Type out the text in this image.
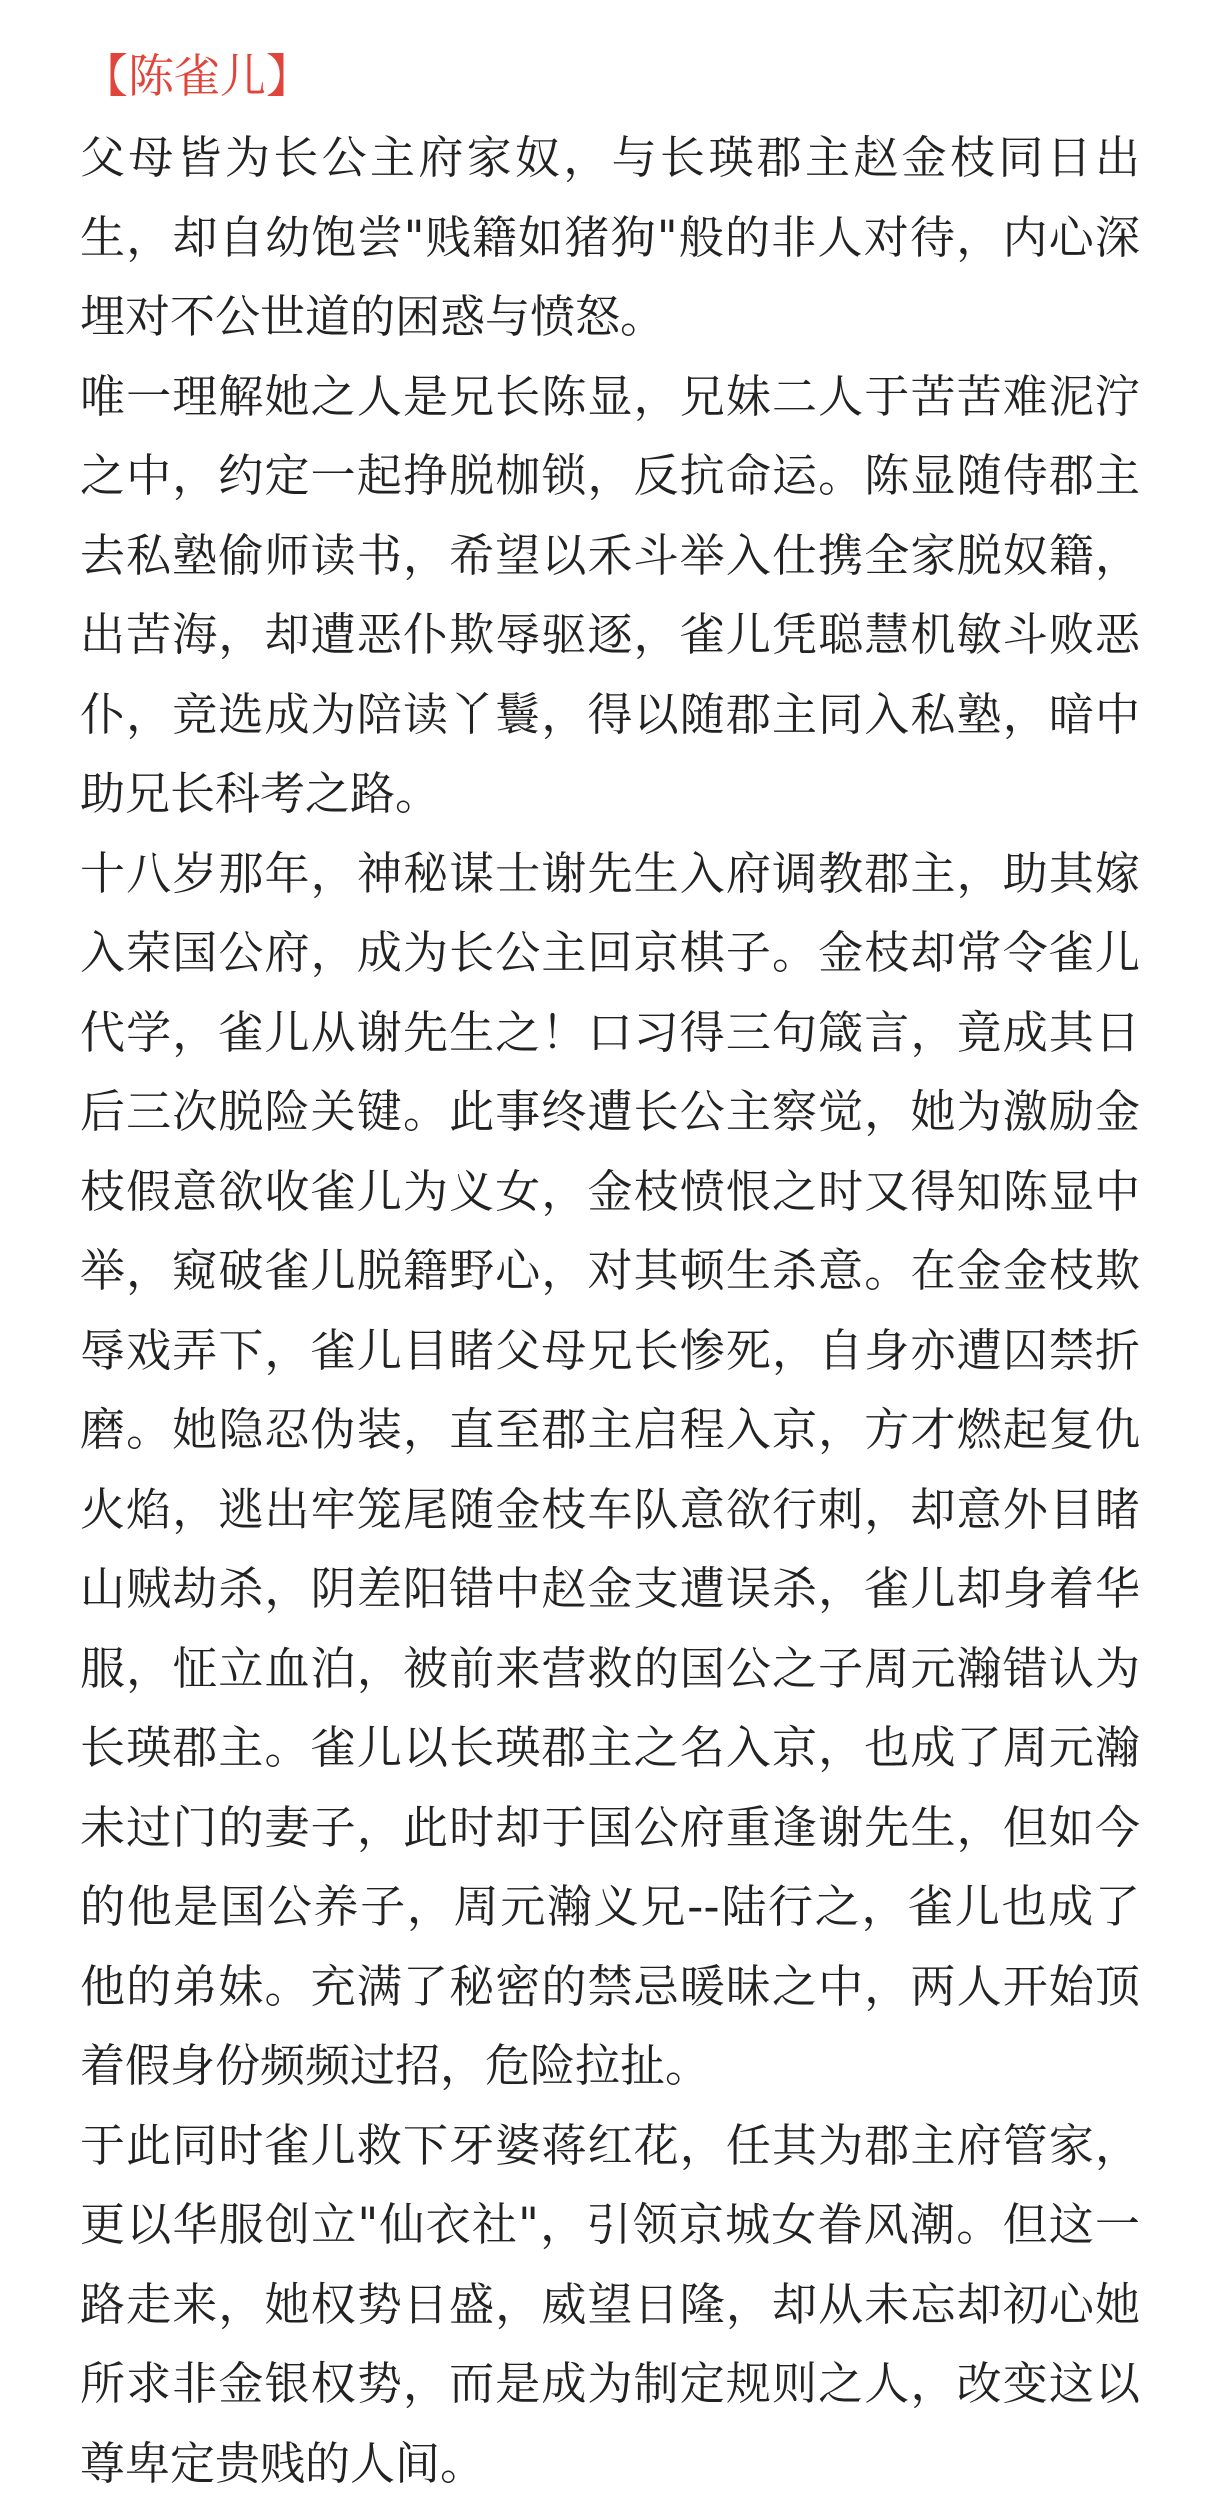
【陈雀儿】

父母皆为长公主府家奴，与长瑛郡主赵金枝同日出生，却自幼饱尝"贱籍如猪狗"般的非人对待，内心深埋对不公世道的困惑与愤怒。

唯一理解她之人是兄长陈显，兄妹二人于苦苦难泥泞之中，约定一起挣脱枷锁，反抗命运。陈显随侍郡主去私塾偷师读书，希望以禾斗举入仕携全家脱奴籍，出苦海，却遭恶仆欺辱驱逐，雀儿凭聪慧机敏斗败恶仆，竞选成为陪读丫鬟，得以随郡主同入私塾，暗中助兄长科考之路。

十八岁那年，神秘谋士谢先生入府调教郡主，助其嫁入荣国公府，成为长公主回京棋子。金枝却常令雀儿代学，雀儿从谢先生之！口习得三句箴言，竟成其日后三次脱险关键。此事终遭长公主察觉，她为激励金枝假意欲收雀儿为义女，金枝愤恨之时又得知陈显中举，窥破雀儿脱籍野心，对其顿生杀意。在金金枝欺辱戏弄下，雀儿目睹父母兄长惨死，自身亦遭囚禁折磨。她隐忍伪装，直至郡主启程入京，方才燃起复仇火焰，逃出牢笼尾随金枝车队意欲行刺，却意外目睹山贼劫杀，阴差阳错中赵金支遭误杀，雀儿却身着华服，怔立血泊，被前来营救的国公之子周元瀚错认为长瑛郡主。雀儿以长瑛郡主之名入京，也成了周元瀚未过门的妻子，此时却于国公府重逢谢先生，但如今的他是国公养子，周元瀚义兄--陆行之，雀儿也成了他的弟妹。充满了秘密的禁忌暖昧之中，两人开始顶着假身份频频过招，危险拉扯。

于此同时雀儿救下牙婆蒋红花，任其为郡主府管家，更以华服创立"仙衣社"，引领京城女眷风潮。但这一路走来，她权势日盛，威望日隆，却从未忘却初心她所求非金银权势，而是成为制定规则之人，改变这以尊卑定贵贱的人间。
